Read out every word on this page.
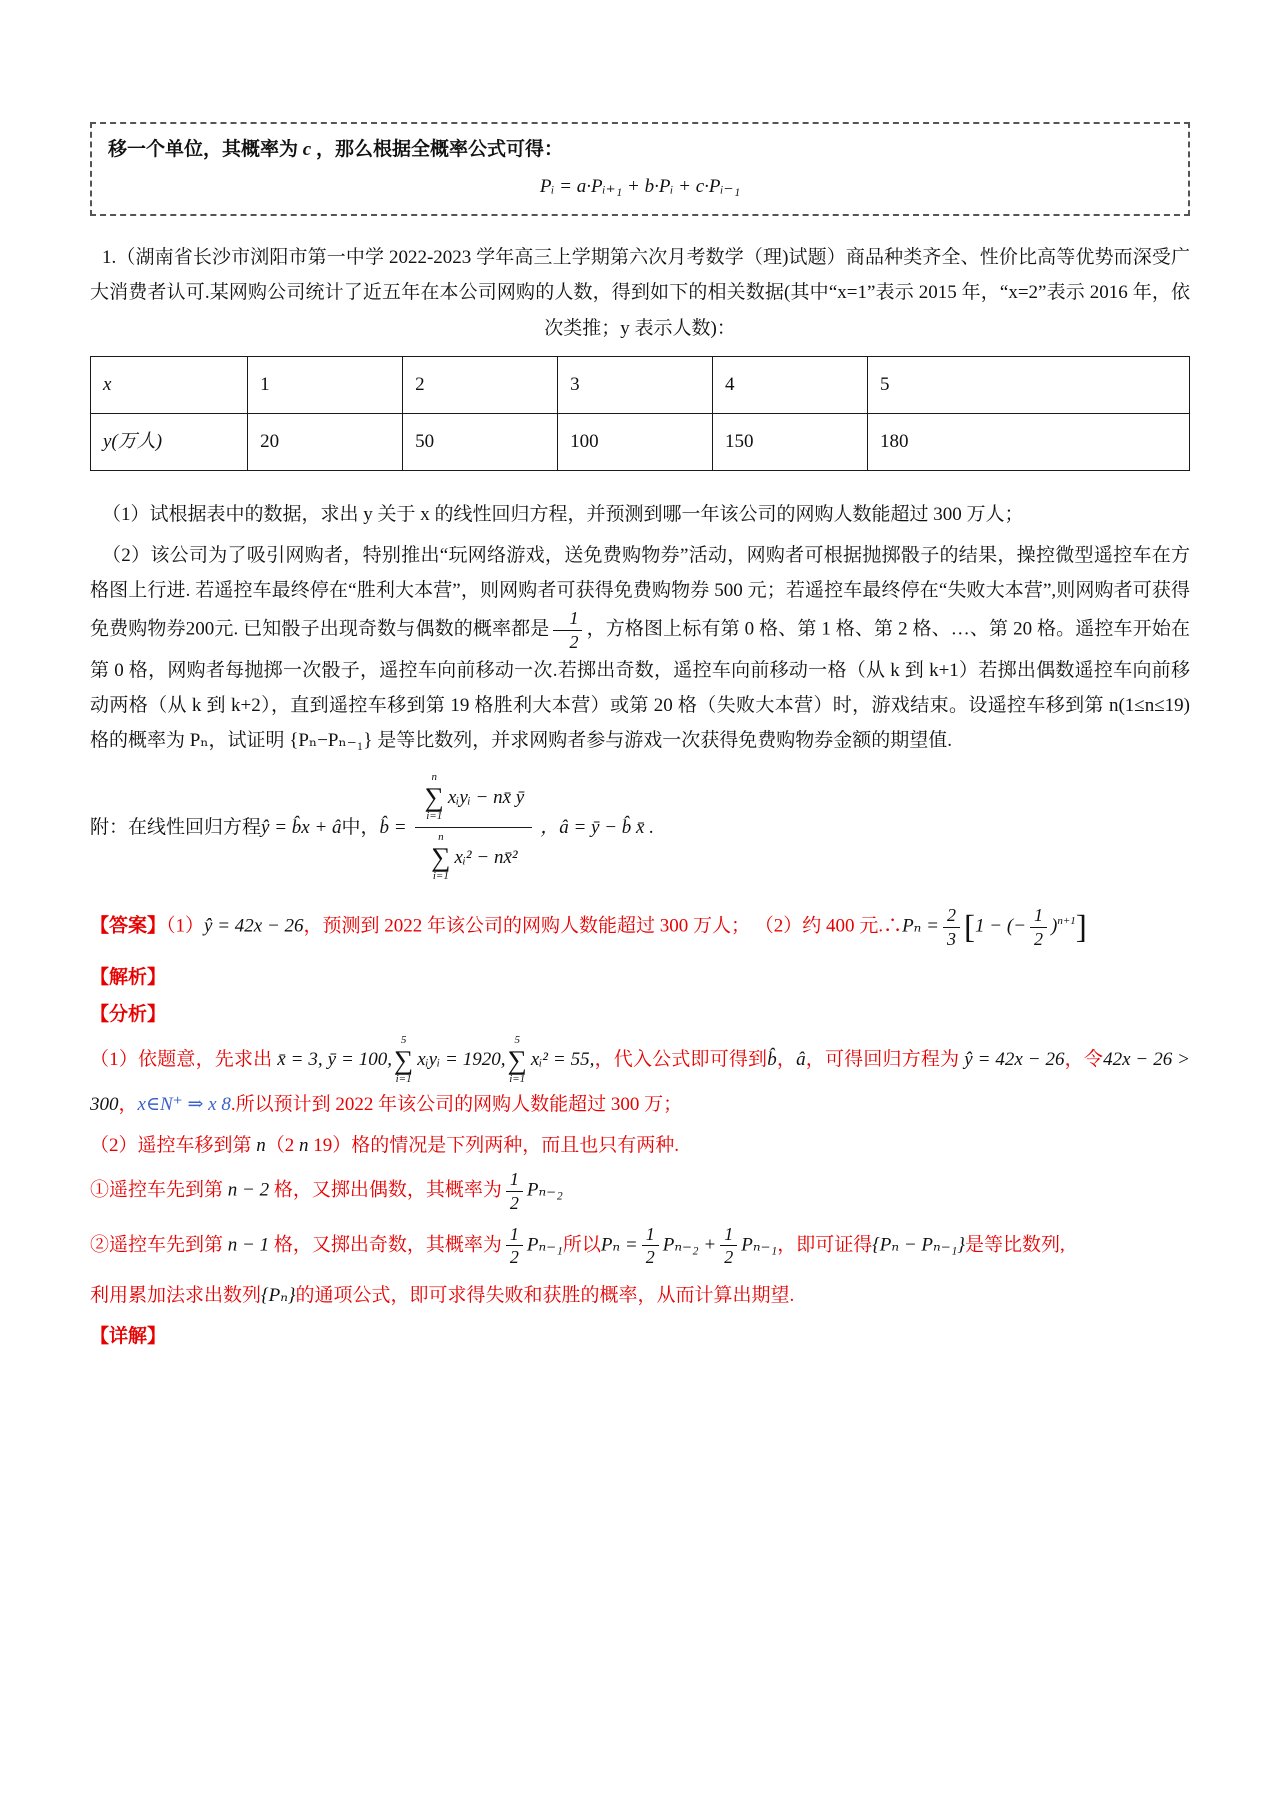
移一个单位，其概率为 c ，那么根据全概率公式可得：

Pᵢ = a·Pᵢ₊₁ + b·Pᵢ + c·Pᵢ₋₁

1.（湖南省长沙市浏阳市第一中学 2022-2023 学年高三上学期第六次月考数学（理)试题）商品种类齐全、性价比高等优势而深受广大消费者认可.某网购公司统计了近五年在本公司网购的人数，得到如下的相关数据(其中“x=1”表示 2015 年，“x=2”表示 2016 年，依次类推；y 表示人数)：

x	1	2	3	4	5
y(万人)	20	50	100	150	180

（1）试根据表中的数据，求出 y 关于 x 的线性回归方程，并预测到哪一年该公司的网购人数能超过 300 万人；

（2）该公司为了吸引网购者，特别推出“玩网络游戏，送免费购物券”活动，网购者可根据抛掷骰子的结果，操控微型遥控车在方格图上行进. 若遥控车最终停在“胜利大本营”，则网购者可获得免费购物券 500 元；若遥控车最终停在“失败大本营”,则网购者可获得免费购物券200元. 已知骰子出现奇数与偶数的概率都是 $\frac{1}{2}$ ，方格图上标有第 0 格、第 1 格、第 2 格、…、第 20 格。遥控车开始在第 0 格，网购者每抛掷一次骰子，遥控车向前移动一次.若掷出奇数，遥控车向前移动一格（从 k 到 k+1）若掷出偶数遥控车向前移动两格（从 k 到 k+2），直到遥控车移到第 19 格胜利大本营）或第 20 格（失败大本营）时，游戏结束。设遥控车移到第 n(1≤n≤19) 格的概率为 Pₙ，试证明 {Pₙ−Pₙ₋₁} 是等比数列，并求网购者参与游戏一次获得免费购物券金额的期望值.

附：在线性回归方程 ŷ = b̂x + â 中， b̂ =
n
∑
i=1
xᵢyᵢ − nx̄ ȳ
n
∑
i=1
xᵢ² − nx̄²
，â = ȳ − b̂ x̄ .

【答案】（1）ŷ = 42x − 26，预测到 2022 年该公司的网购人数能超过 300 万人； （2）约 400 元.∴Pₙ = $\frac{2}{3} [1$ − (− $\frac{1}{2} )^{n+1}$]

【解析】

【分析】

（1）依题意，先求出 x̄ = 3, ȳ = 100,
5
∑
i=1
xᵢyᵢ = 1920,
5
∑
i=1
xᵢ² = 55,，代入公式即可得到b̂，â，可得回归方程为 ŷ = 42x − 26，令42x − 26 > 300，x∈N⁺ ⇒ x 8.所以预计到 2022 年该公司的网购人数能超过 300 万；

（2）遥控车移到第 n（2 n 19）格的情况是下列两种，而且也只有两种.

①遥控车先到第 n − 2 格，又掷出偶数，其概率为 $\frac{1}{2} P_{n-2}$

②遥控车先到第 n − 1 格，又掷出奇数，其概率为 $\frac{1}{2} P_{n-1}$所以$P_n = \frac{1}{2} P_{n-2} + \frac{1}{2} P_{n-1}$，即可证得{Pₙ − Pₙ₋₁}是等比数列,

利用累加法求出数列{Pₙ}的通项公式，即可求得失败和获胜的概率，从而计算出期望.

【详解】
